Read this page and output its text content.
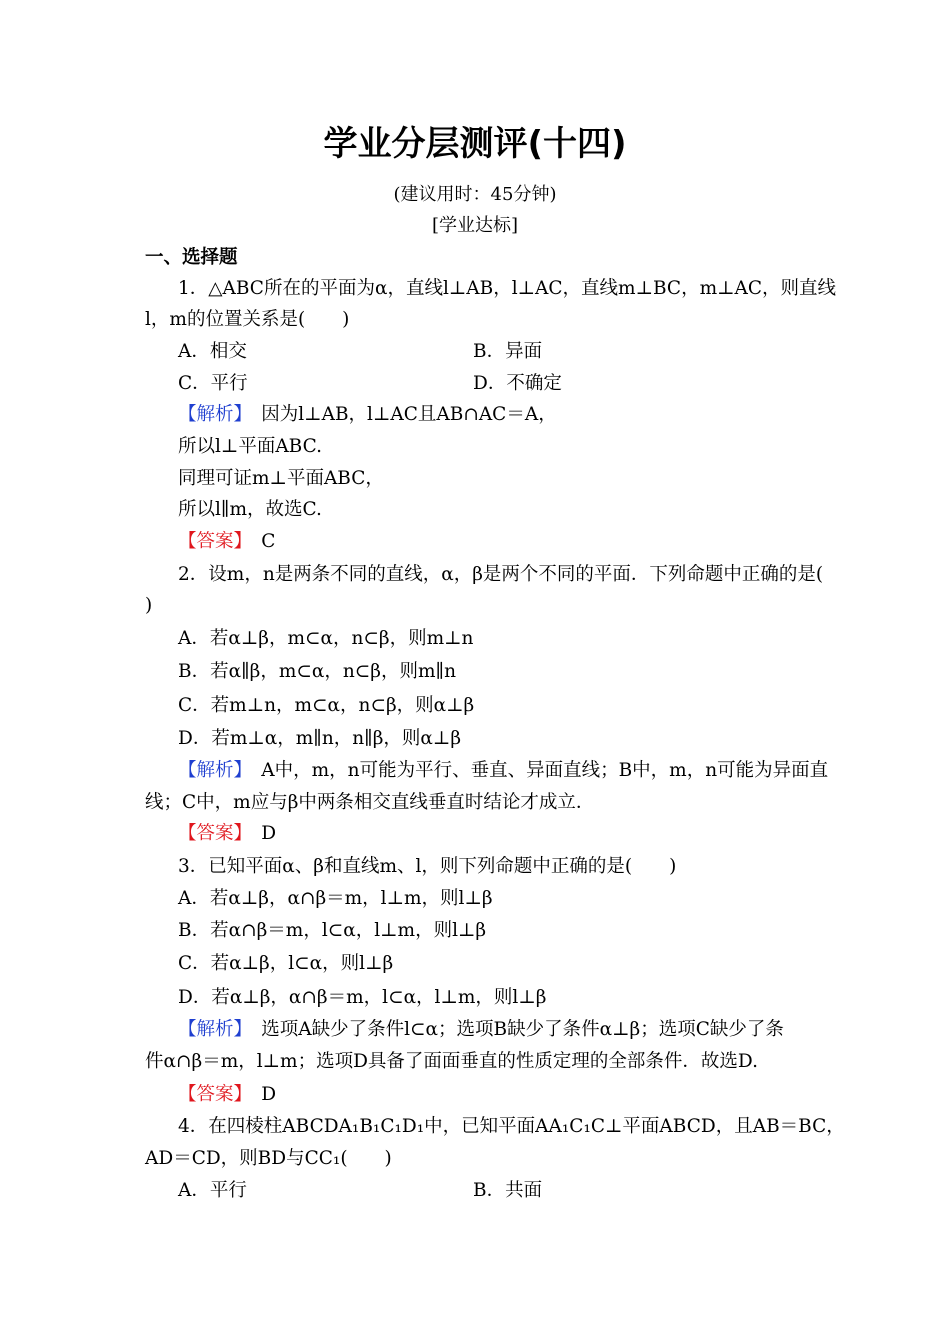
学业分层测评(十四)
(建议用时：45分钟)
[学业达标]
一、选择题
1．△ABC所在的平面为α，直线l⊥AB，l⊥AC，直线m⊥BC，m⊥AC，则直线
l，m的位置关系是(　　)
A．相交	B．异面
C．平行	D．不确定
【解析】　因为l⊥AB，l⊥AC且AB∩AC＝A，
所以l⊥平面ABC.
同理可证m⊥平面ABC，
所以l∥m，故选C.
【答案】　C
2．设m，n是两条不同的直线，α，β是两个不同的平面．下列命题中正确的是(
)
A．若α⊥β，m⊂α，n⊂β，则m⊥n
B．若α∥β，m⊂α，n⊂β，则m∥n
C．若m⊥n，m⊂α，n⊂β，则α⊥β
D．若m⊥α，m∥n，n∥β，则α⊥β
【解析】　A中，m，n可能为平行、垂直、异面直线；B中，m，n可能为异面直
线；C中，m应与β中两条相交直线垂直时结论才成立．
【答案】　D
3．已知平面α、β和直线m、l，则下列命题中正确的是(　　)
A．若α⊥β，α∩β＝m，l⊥m，则l⊥β
B．若α∩β＝m，l⊂α，l⊥m，则l⊥β
C．若α⊥β，l⊂α，则l⊥β
D．若α⊥β，α∩β＝m，l⊂α，l⊥m，则l⊥β
【解析】　选项A缺少了条件l⊂α；选项B缺少了条件α⊥β；选项C缺少了条
件α∩β＝m，l⊥m；选项D具备了面面垂直的性质定理的全部条件．故选D.
【答案】　D
4．在四棱柱ABCDA₁B₁C₁D₁中，已知平面AA₁C₁C⊥平面ABCD，且AB＝BC，
AD＝CD，则BD与CC₁(　　)
A．平行	B．共面
